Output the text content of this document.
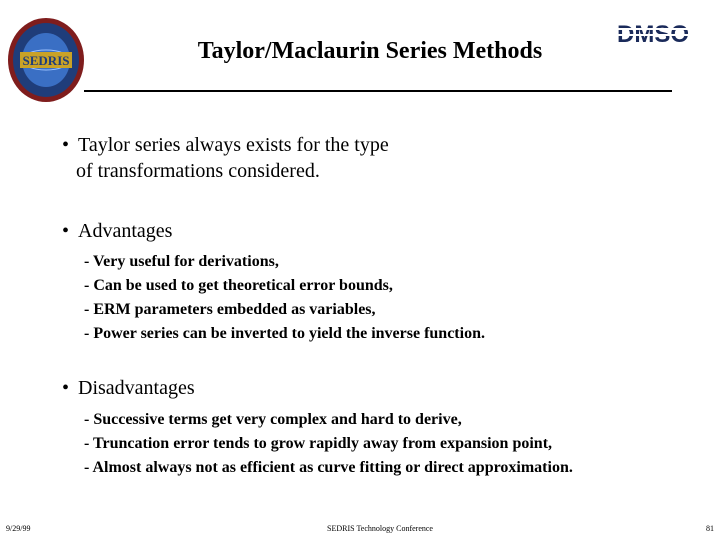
SEDRIS
DMSO
Taylor/Maclaurin Series Methods
• Taylor series always exists for the type
of transformations considered.
• Advantages
- Very useful for derivations,
- Can be used to get theoretical error bounds,
- ERM parameters embedded as variables,
- Power series can be inverted to yield the inverse function.
• Disadvantages
- Successive terms get very complex and hard to derive,
- Truncation error tends to grow rapidly away from expansion point,
- Almost always not as efficient as curve fitting or direct approximation.
9/29/99	SEDRIS Technology Conference	81
